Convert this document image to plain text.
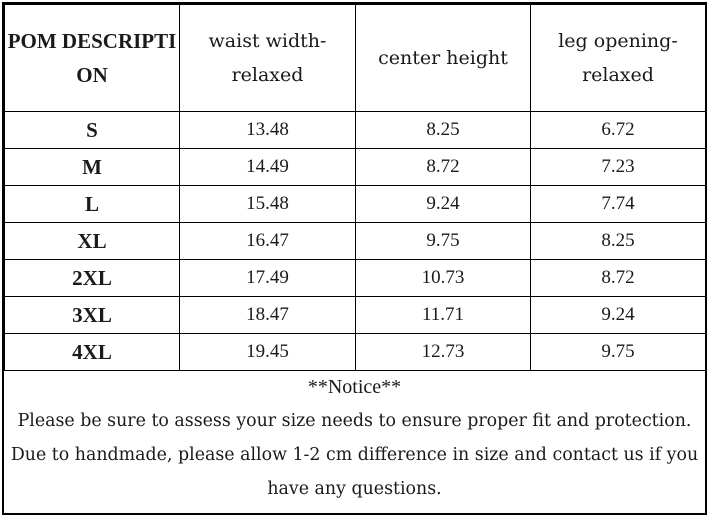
POM DESCRIPTION	waist width-relaxed	center height	leg opening-relaxed
S	13.48	8.25	6.72
M	14.49	8.72	7.23
L	15.48	9.24	7.74
XL	16.47	9.75	8.25
2XL	17.49	10.73	8.72
3XL	18.47	11.71	9.24
4XL	19.45	12.73	9.75
**Notice**
Please be sure to assess your size needs to ensure proper fit and protection. Due to handmade, please allow 1-2 cm difference in size and contact us if you have any questions.
